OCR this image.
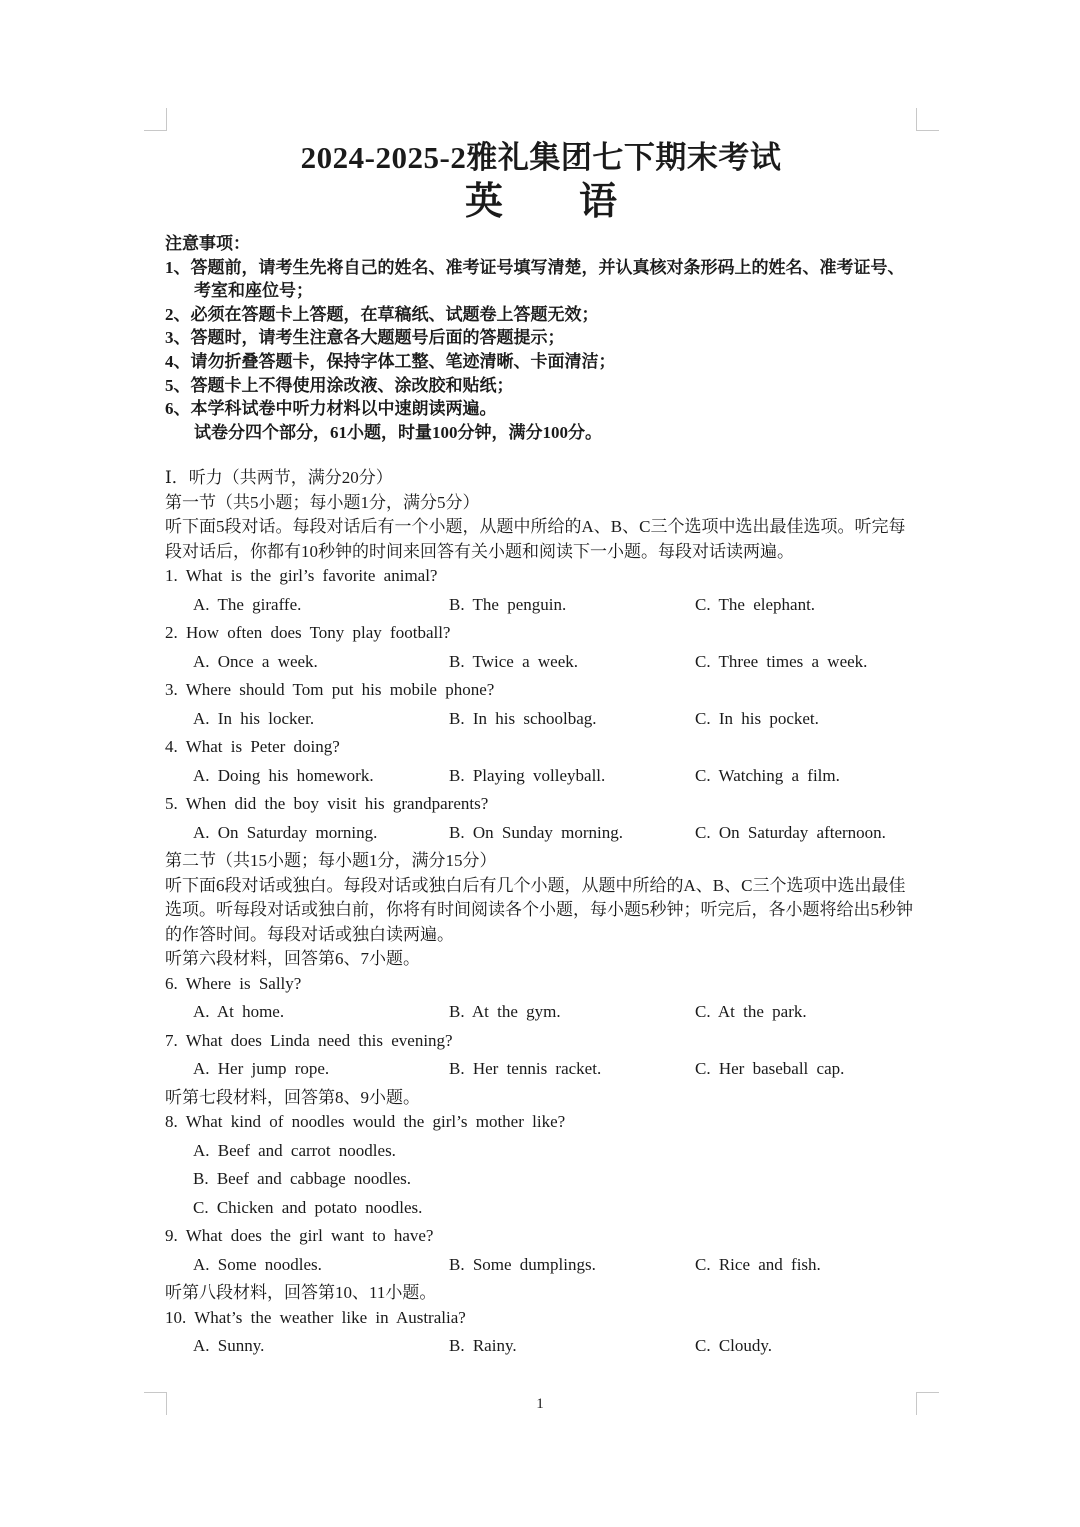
2024-2025-2雅礼集团七下期末考试
英　　语
注意事项：
1、答题前，请考生先将自己的姓名、准考证号填写清楚，并认真核对条形码上的姓名、准考证号、考室和座位号；
2、必须在答题卡上答题，在草稿纸、试题卷上答题无效；
3、答题时，请考生注意各大题题号后面的答题提示；
4、请勿折叠答题卡，保持字体工整、笔迹清晰、卡面清洁；
5、答题卡上不得使用涂改液、涂改胶和贴纸；
6、本学科试卷中听力材料以中速朗读两遍。
试卷分四个部分，61小题，时量100分钟，满分100分。

Ⅰ．听力（共两节，满分20分）

第一节（共5小题；每小题1分，满分5分）

听下面5段对话。每段对话后有一个小题，从题中所给的A、B、C三个选项中选出最佳选项。听完每段对话后，你都有10秒钟的时间来回答有关小题和阅读下一小题。每段对话读两遍。

1. What is the girl’s favorite animal?

A. The giraffe.	B. The penguin.	C. The elephant.

2. How often does Tony play football?

A. Once a week.	B. Twice a week.	C. Three times a week.

3. Where should Tom put his mobile phone?

A. In his locker.	B. In his schoolbag.	C. In his pocket.

4. What is Peter doing?

A. Doing his homework.	B. Playing volleyball.	C. Watching a film.

5. When did the boy visit his grandparents?

A. On Saturday morning.	B. On Sunday morning.	C. On Saturday afternoon.

第二节（共15小题；每小题1分，满分15分）

听下面6段对话或独白。每段对话或独白后有几个小题，从题中所给的A、B、C三个选项中选出最佳选项。听每段对话或独白前，你将有时间阅读各个小题，每小题5秒钟；听完后，各小题将给出5秒钟的作答时间。每段对话或独白读两遍。

听第六段材料，回答第6、7小题。

6. Where is Sally?

A. At home.	B. At the gym.	C. At the park.

7. What does Linda need this evening?

A. Her jump rope.	B. Her tennis racket.	C. Her baseball cap.

听第七段材料，回答第8、9小题。

8. What kind of noodles would the girl’s mother like?

A. Beef and carrot noodles.
B. Beef and cabbage noodles.
C. Chicken and potato noodles.

9. What does the girl want to have?

A. Some noodles.	B. Some dumplings.	C. Rice and fish.

听第八段材料，回答第10、11小题。

10. What’s the weather like in Australia?

A. Sunny.	B. Rainy.	C. Cloudy.
1
